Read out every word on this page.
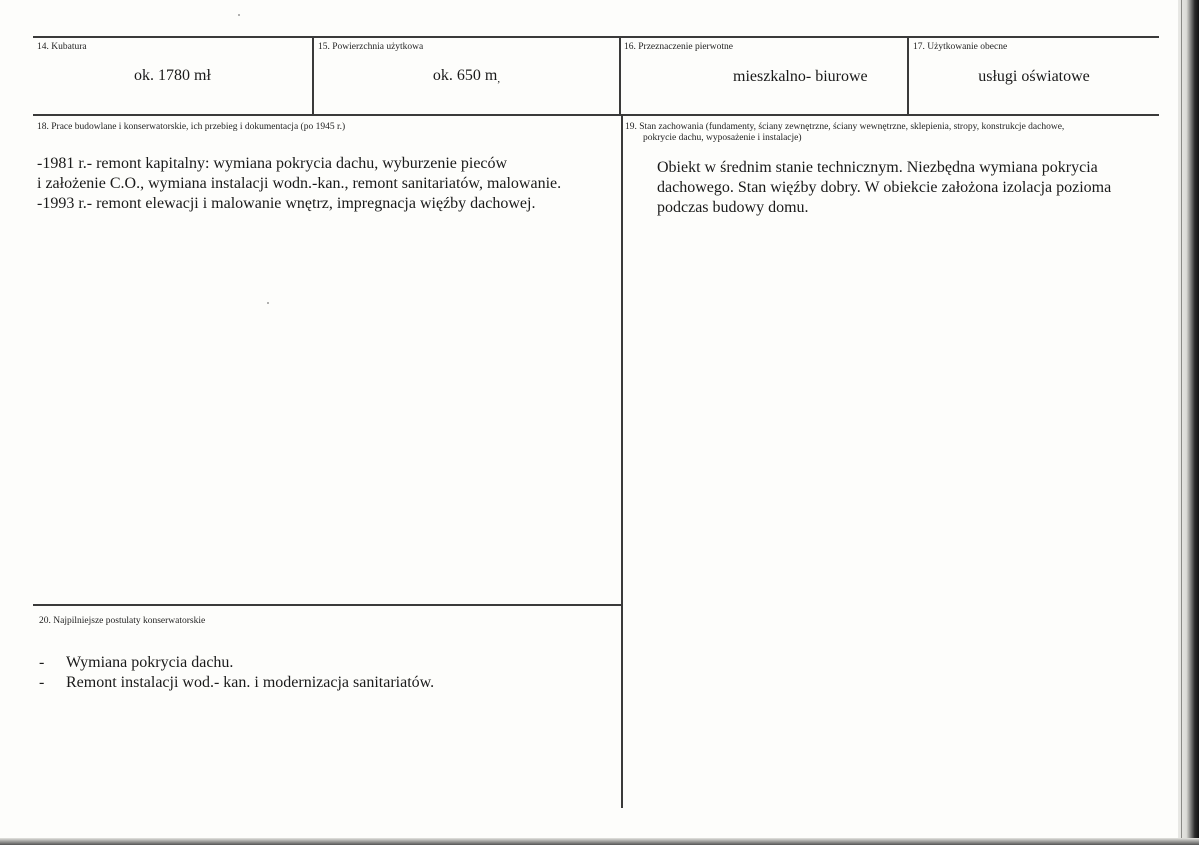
14. Kubatura
ok. 1780 mł
15. Powierzchnia użytkowa
ok. 650 m,
16. Przeznaczenie pierwotne
mieszkalno- biurowe
17. Użytkowanie obecne
usługi oświatowe
18. Prace budowlane i konserwatorskie, ich przebieg i dokumentacja (po 1945 r.)
-1981 r.- remont kapitalny: wymiana pokrycia dachu, wyburzenie pieców
i założenie C.O., wymiana instalacji wodn.-kan., remont sanitariatów, malowanie.
-1993 r.- remont elewacji i malowanie wnętrz, impregnacja więźby dachowej.
19. Stan zachowania (fundamenty, ściany zewnętrzne, ściany wewnętrzne, sklepienia, stropy, konstrukcje dachowe,
pokrycie dachu, wyposażenie i instalacje)
Obiekt w średnim stanie technicznym. Niezbędna wymiana pokrycia
dachowego. Stan więźby dobry. W obiekcie założona izolacja pozioma
podczas budowy domu.
20. Najpilniejsze postulaty konserwatorskie
- Wymiana pokrycia dachu.
- Remont instalacji wod.- kan. i modernizacja sanitariatów.
